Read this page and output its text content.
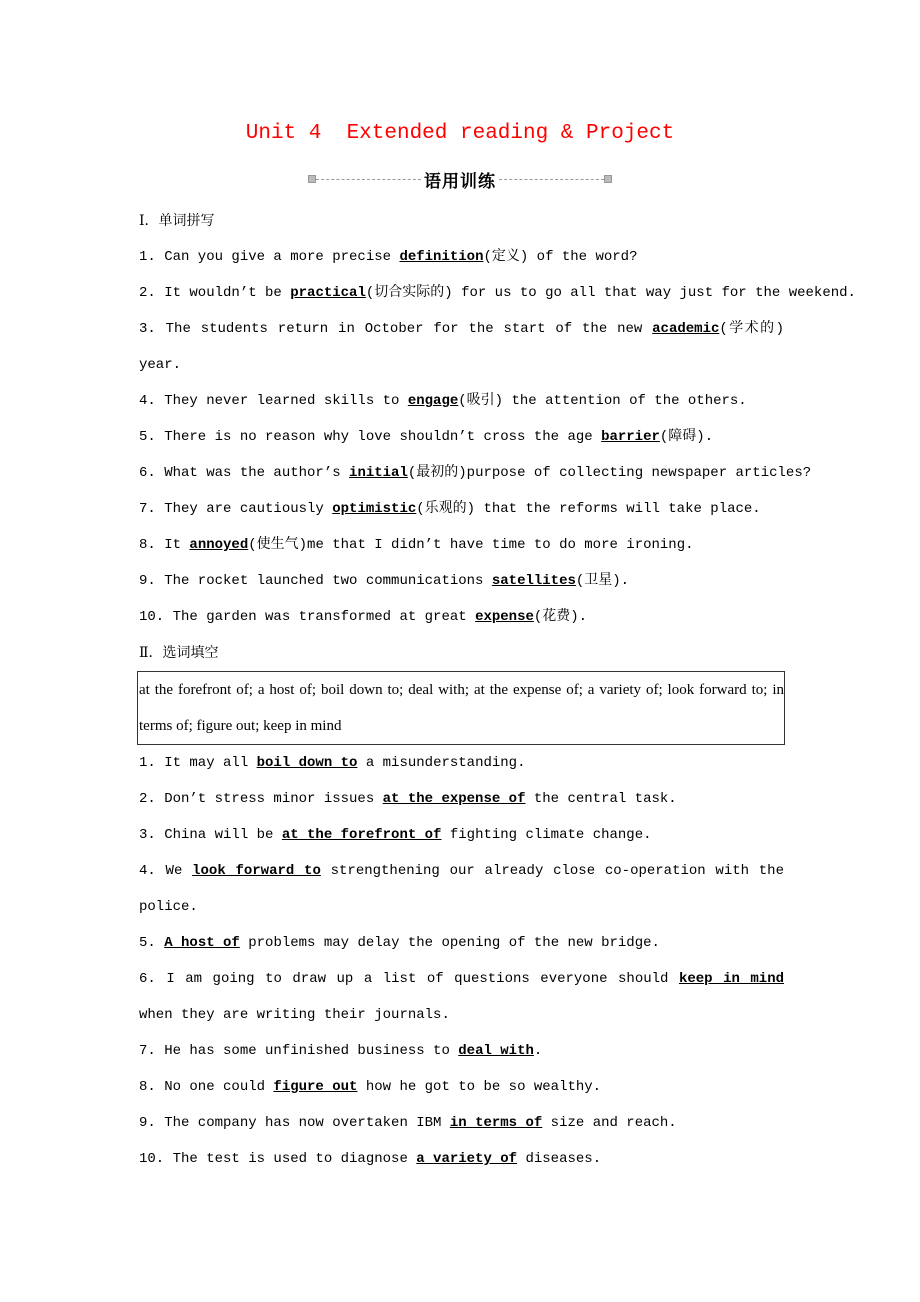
Unit 4  Extended reading & Project
语用训练
Ⅰ．单词拼写
1. Can you give a more precise definition(定义) of the word?
2. It wouldn’t be practical(切合实际的) for us to go all that way just for the weekend.
3. The students return in October for the start of the new academic(学术的) year.
4. They never learned skills to engage(吸引) the attention of the others.
5. There is no reason why love shouldn’t cross the age barrier(障碍).
6. What was the author’s initial(最初的)purpose of collecting newspaper articles?
7. They are cautiously optimistic(乐观的) that the reforms will take place.
8. It annoyed(使生气)me that I didn’t have time to do more ironing.
9. The rocket launched two communications satellites(卫星).
10. The garden was transformed at great expense(花费).
Ⅱ．选词填空
at the forefront of; a host of; boil down to; deal with; at the expense of; a variety of; look forward to; in terms of; figure out; keep in mind
1. It may all boil down to a misunderstanding.
2. Don’t stress minor issues at the expense of the central task.
3. China will be at the forefront of fighting climate change.
4. We look forward to strengthening our already close co-operation with the police.
5. A host of problems may delay the opening of the new bridge.
6. I am going to draw up a list of questions everyone should keep in mind when they are writing their journals.
7. He has some unfinished business to deal with.
8. No one could figure out how he got to be so wealthy.
9. The company has now overtaken IBM in terms of size and reach.
10. The test is used to diagnose a variety of diseases.
